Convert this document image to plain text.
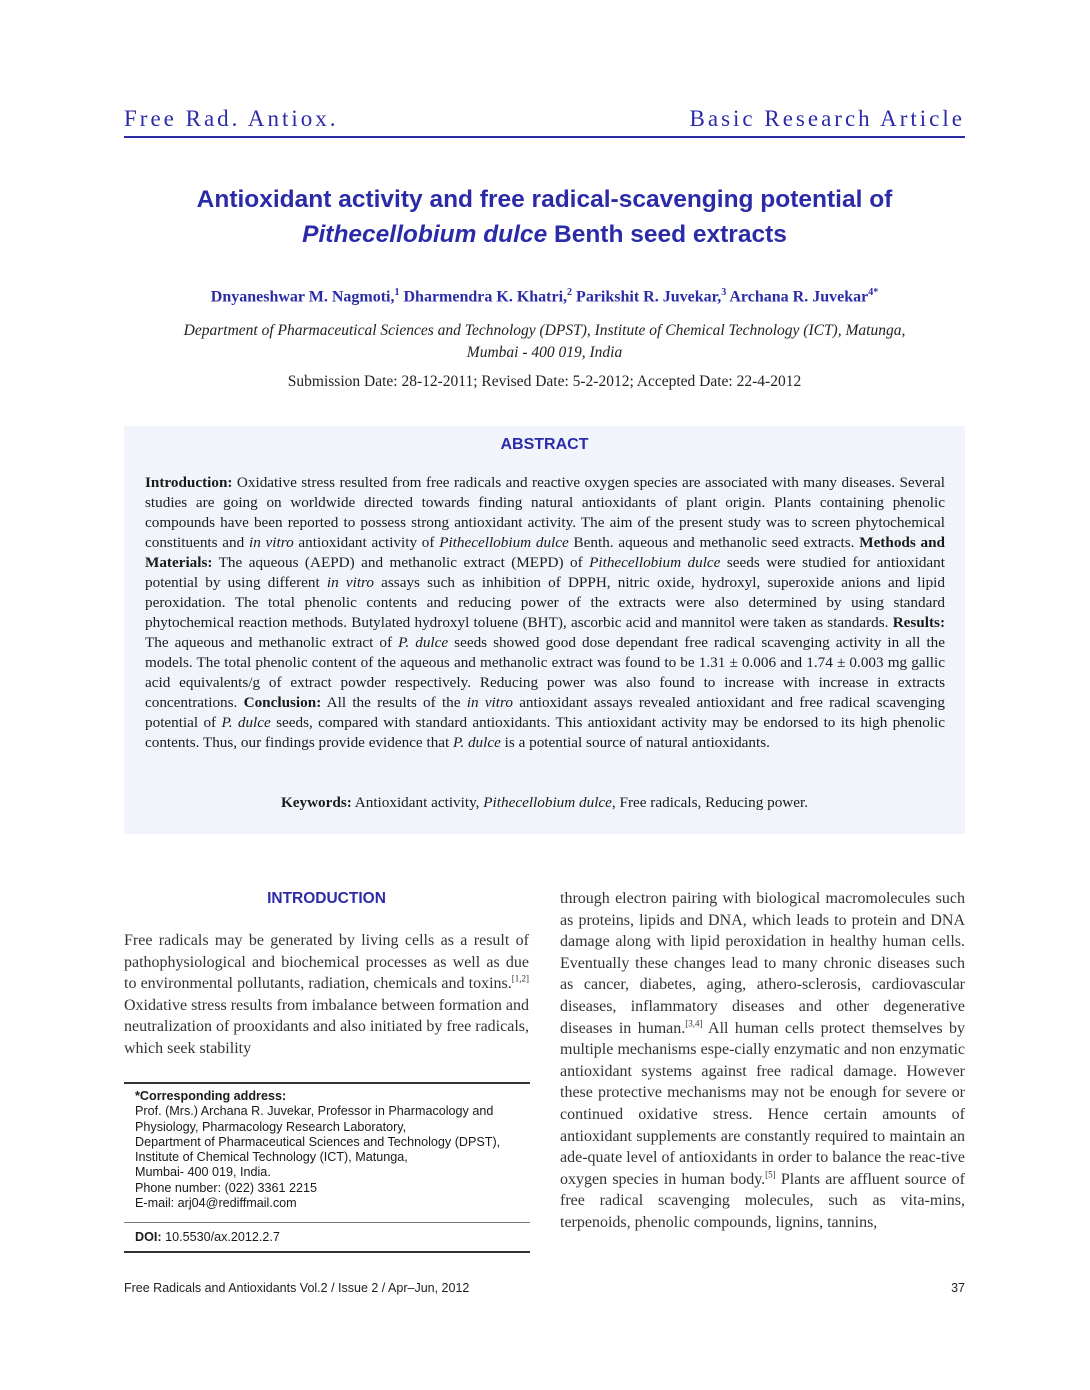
Free Rad. Antiox.	Basic Research Article
Antioxidant activity and free radical-scavenging potential of
Pithecellobium dulce Benth seed extracts
Dnyaneshwar M. Nagmoti,$^1$ Dharmendra K. Khatri,$^2$ Parikshit R. Juvekar,$^3$ Archana R. Juvekar$^{4*}$
Department of Pharmaceutical Sciences and Technology (DPST), Institute of Chemical Technology (ICT), Matunga,
Mumbai - 400 019, India
Submission Date: 28-12-2011; Revised Date: 5-2-2012; Accepted Date: 22-4-2012
ABSTRACT
Introduction: Oxidative stress resulted from free radicals and reactive oxygen species are associated with many diseases. Several studies are going on worldwide directed towards finding natural antioxidants of plant origin. Plants containing phenolic compounds have been reported to possess strong antioxidant activity. The aim of the present study was to screen phytochemical constituents and in vitro antioxidant activity of Pithecellobium dulce Benth. aqueous and methanolic seed extracts. Methods and Materials: The aqueous (AEPD) and methanolic extract (MEPD) of Pithecellobium dulce seeds were studied for antioxidant potential by using different in vitro assays such as inhibition of DPPH, nitric oxide, hydroxyl, superoxide anions and lipid peroxidation. The total phenolic contents and reducing power of the extracts were also determined by using standard phytochemical reaction methods. Butylated hydroxyl toluene (BHT), ascorbic acid and mannitol were taken as standards. Results: The aqueous and methanolic extract of P. dulce seeds showed good dose dependant free radical scavenging activity in all the models. The total phenolic content of the aqueous and methanolic extract was found to be 1.31 ± 0.006 and 1.74 ± 0.003 mg gallic acid equivalents/g of extract powder respectively. Reducing power was also found to increase with increase in extracts concentrations. Conclusion: All the results of the in vitro antioxidant assays revealed antioxidant and free radical scavenging potential of P. dulce seeds, compared with standard antioxidants. This antioxidant activity may be endorsed to its high phenolic contents. Thus, our findings provide evidence that P. dulce is a potential source of natural antioxidants.
Keywords: Antioxidant activity, Pithecellobium dulce, Free radicals, Reducing power.
INTRODUCTION
Free radicals may be generated by living cells as a result of pathophysiological and biochemical processes as well as due to environmental pollutants, radiation, chemicals and toxins.[1,2] Oxidative stress results from imbalance between formation and neutralization of prooxidants and also initiated by free radicals, which seek stability
through electron pairing with biological macromolecules such as proteins, lipids and DNA, which leads to protein and DNA damage along with lipid peroxidation in healthy human cells. Eventually these changes lead to many chronic diseases such as cancer, diabetes, aging, athero-sclerosis, cardiovascular diseases, inflammatory diseases and other degenerative diseases in human.[3,4] All human cells protect themselves by multiple mechanisms espe-cially enzymatic and non enzymatic antioxidant systems against free radical damage. However these protective mechanisms may not be enough for severe or continued oxidative stress. Hence certain amounts of antioxidant supplements are constantly required to maintain an ade-quate level of antioxidants in order to balance the reac-tive oxygen species in human body.[5] Plants are affluent source of free radical scavenging molecules, such as vita-mins, terpenoids, phenolic compounds, lignins, tannins,
*Corresponding address:
Prof. (Mrs.) Archana R. Juvekar, Professor in Pharmacology and Physiology, Pharmacology Research Laboratory,
Department of Pharmaceutical Sciences and Technology (DPST),
Institute of Chemical Technology (ICT), Matunga,
Mumbai- 400 019, India.
Phone number: (022) 3361 2215
E-mail: arj04@rediffmail.com
DOI: 10.5530/ax.2012.2.7
Free Radicals and Antioxidants Vol.2 / Issue 2 / Apr–Jun, 2012	37
